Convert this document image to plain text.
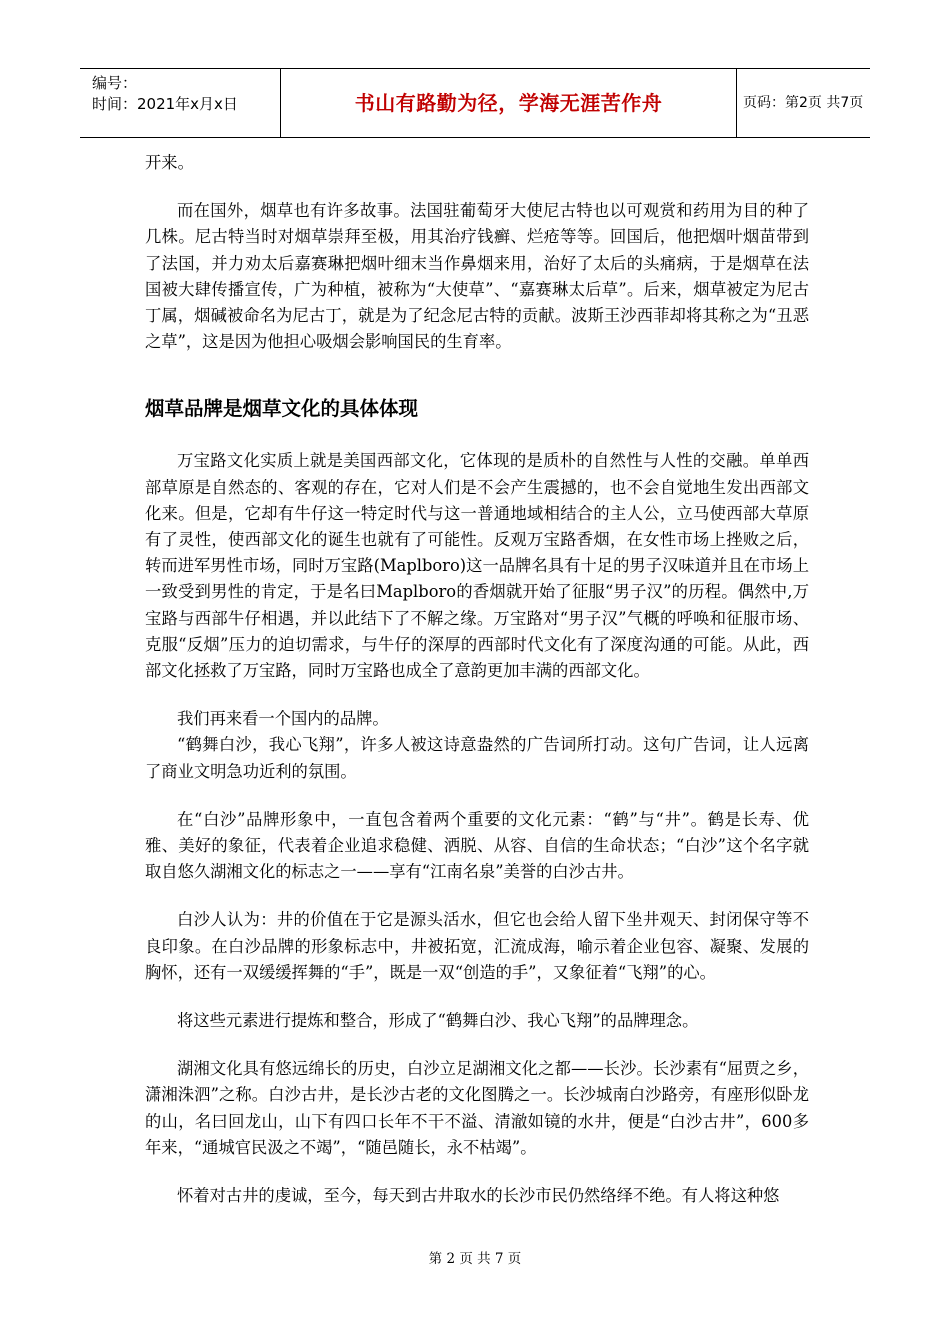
编号：
时间：2021年x月x日	书山有路勤为径，学海无涯苦作舟	页码：第2页 共7页

开来。

而在国外，烟草也有许多故事。法国驻葡萄牙大使尼古特也以可观赏和药用为目的种了几株。尼古特当时对烟草崇拜至极，用其治疗钱癣、烂疮等等。回国后，他把烟叶烟苗带到了法国，并力劝太后嘉赛琳把烟叶细末当作鼻烟来用，治好了太后的头痛病，于是烟草在法国被大肆传播宣传，广为种植，被称为“大使草”、“嘉赛琳太后草”。后来，烟草被定为尼古丁属，烟碱被命名为尼古丁，就是为了纪念尼古特的贡献。波斯王沙西菲却将其称之为“丑恶之草”，这是因为他担心吸烟会影响国民的生育率。

烟草品牌是烟草文化的具体体现

万宝路文化实质上就是美国西部文化，它体现的是质朴的自然性与人性的交融。单单西部草原是自然态的、客观的存在，它对人们是不会产生震撼的，也不会自觉地生发出西部文化来。但是，它却有牛仔这一特定时代与这一普通地域相结合的主人公，立马使西部大草原有了灵性，使西部文化的诞生也就有了可能性。反观万宝路香烟，在女性市场上挫败之后，转而进军男性市场，同时万宝路(Maplboro)这一品牌名具有十足的男子汉味道并且在市场上一致受到男性的肯定，于是名曰Maplboro的香烟就开始了征服“男子汉”的历程。偶然中,万宝路与西部牛仔相遇，并以此结下了不解之缘。万宝路对“男子汉”气概的呼唤和征服市场、克服“反烟”压力的迫切需求，与牛仔的深厚的西部时代文化有了深度沟通的可能。从此，西部文化拯救了万宝路，同时万宝路也成全了意韵更加丰满的西部文化。

我们再来看一个国内的品牌。

“鹤舞白沙，我心飞翔”，许多人被这诗意盎然的广告词所打动。这句广告词，让人远离了商业文明急功近利的氛围。

在“白沙”品牌形象中，一直包含着两个重要的文化元素：“鹤”与“井”。鹤是长寿、优雅、美好的象征，代表着企业追求稳健、洒脱、从容、自信的生命状态；“白沙”这个名字就取自悠久湖湘文化的标志之一——享有“江南名泉”美誉的白沙古井。

白沙人认为：井的价值在于它是源头活水，但它也会给人留下坐井观天、封闭保守等不良印象。在白沙品牌的形象标志中，井被拓宽，汇流成海，喻示着企业包容、凝聚、发展的胸怀，还有一双缓缓挥舞的“手”，既是一双“创造的手”，又象征着“飞翔”的心。

将这些元素进行提炼和整合，形成了“鹤舞白沙、我心飞翔”的品牌理念。

湖湘文化具有悠远绵长的历史，白沙立足湖湘文化之都——长沙。长沙素有“屈贾之乡，潇湘洙泗”之称。白沙古井，是长沙古老的文化图腾之一。长沙城南白沙路旁，有座形似卧龙的山，名曰回龙山，山下有四口长年不干不溢、清澈如镜的水井，便是“白沙古井”，600多年来，“通城官民汲之不竭”，“随邑随长，永不枯竭”。

怀着对古井的虔诚，至今，每天到古井取水的长沙市民仍然络绎不绝。有人将这种悠

第 2 页 共 7 页
